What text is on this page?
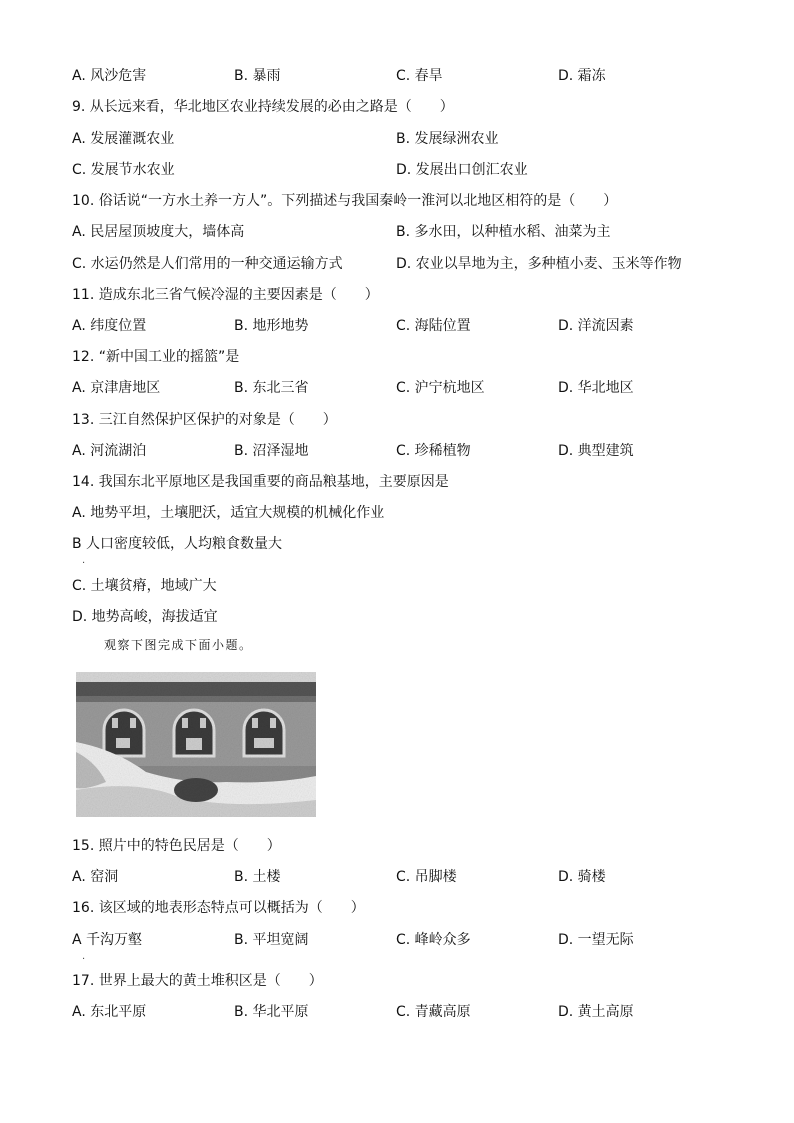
A. 风沙危害	B. 暴雨	C. 春旱	D. 霜冻
9. 从长远来看，华北地区农业持续发展的必由之路是（　　）
A. 发展灌溉农业	B. 发展绿洲农业
C. 发展节水农业	D. 发展出口创汇农业
10. 俗话说“一方水土养一方人”。下列描述与我国秦岭一淮河以北地区相符的是（　　）
A. 民居屋顶坡度大，墙体高	B. 多水田，以种植水稻、油菜为主
C. 水运仍然是人们常用的一种交通运输方式	D. 农业以旱地为主，多种植小麦、玉米等作物
11. 造成东北三省气候冷湿的主要因素是（　　）
A. 纬度位置	B. 地形地势	C. 海陆位置	D. 洋流因素
12. “新中国工业的摇篮”是
A. 京津唐地区	B. 东北三省	C. 沪宁杭地区	D. 华北地区
13. 三江自然保护区保护的对象是（　　）
A. 河流湖泊	B. 沼泽湿地	C. 珍稀植物	D. 典型建筑
14. 我国东北平原地区是我国重要的商品粮基地，主要原因是
A. 地势平坦，土壤肥沃，适宜大规模的机械化作业
B 人口密度较低，人均粮食数量大
.
C. 土壤贫瘠，地域广大
D. 地势高峻，海拔适宜
观察下图完成下面小题。
15. 照片中的特色民居是（　　）
A. 窑洞	B. 土楼	C. 吊脚楼	D. 骑楼
16. 该区域的地表形态特点可以概括为（　　）
A 千沟万壑
.
B. 平坦宽阔	C. 峰岭众多	D. 一望无际
17. 世界上最大的黄土堆积区是（　　）
A. 东北平原	B. 华北平原	C. 青藏高原	D. 黄土高原
